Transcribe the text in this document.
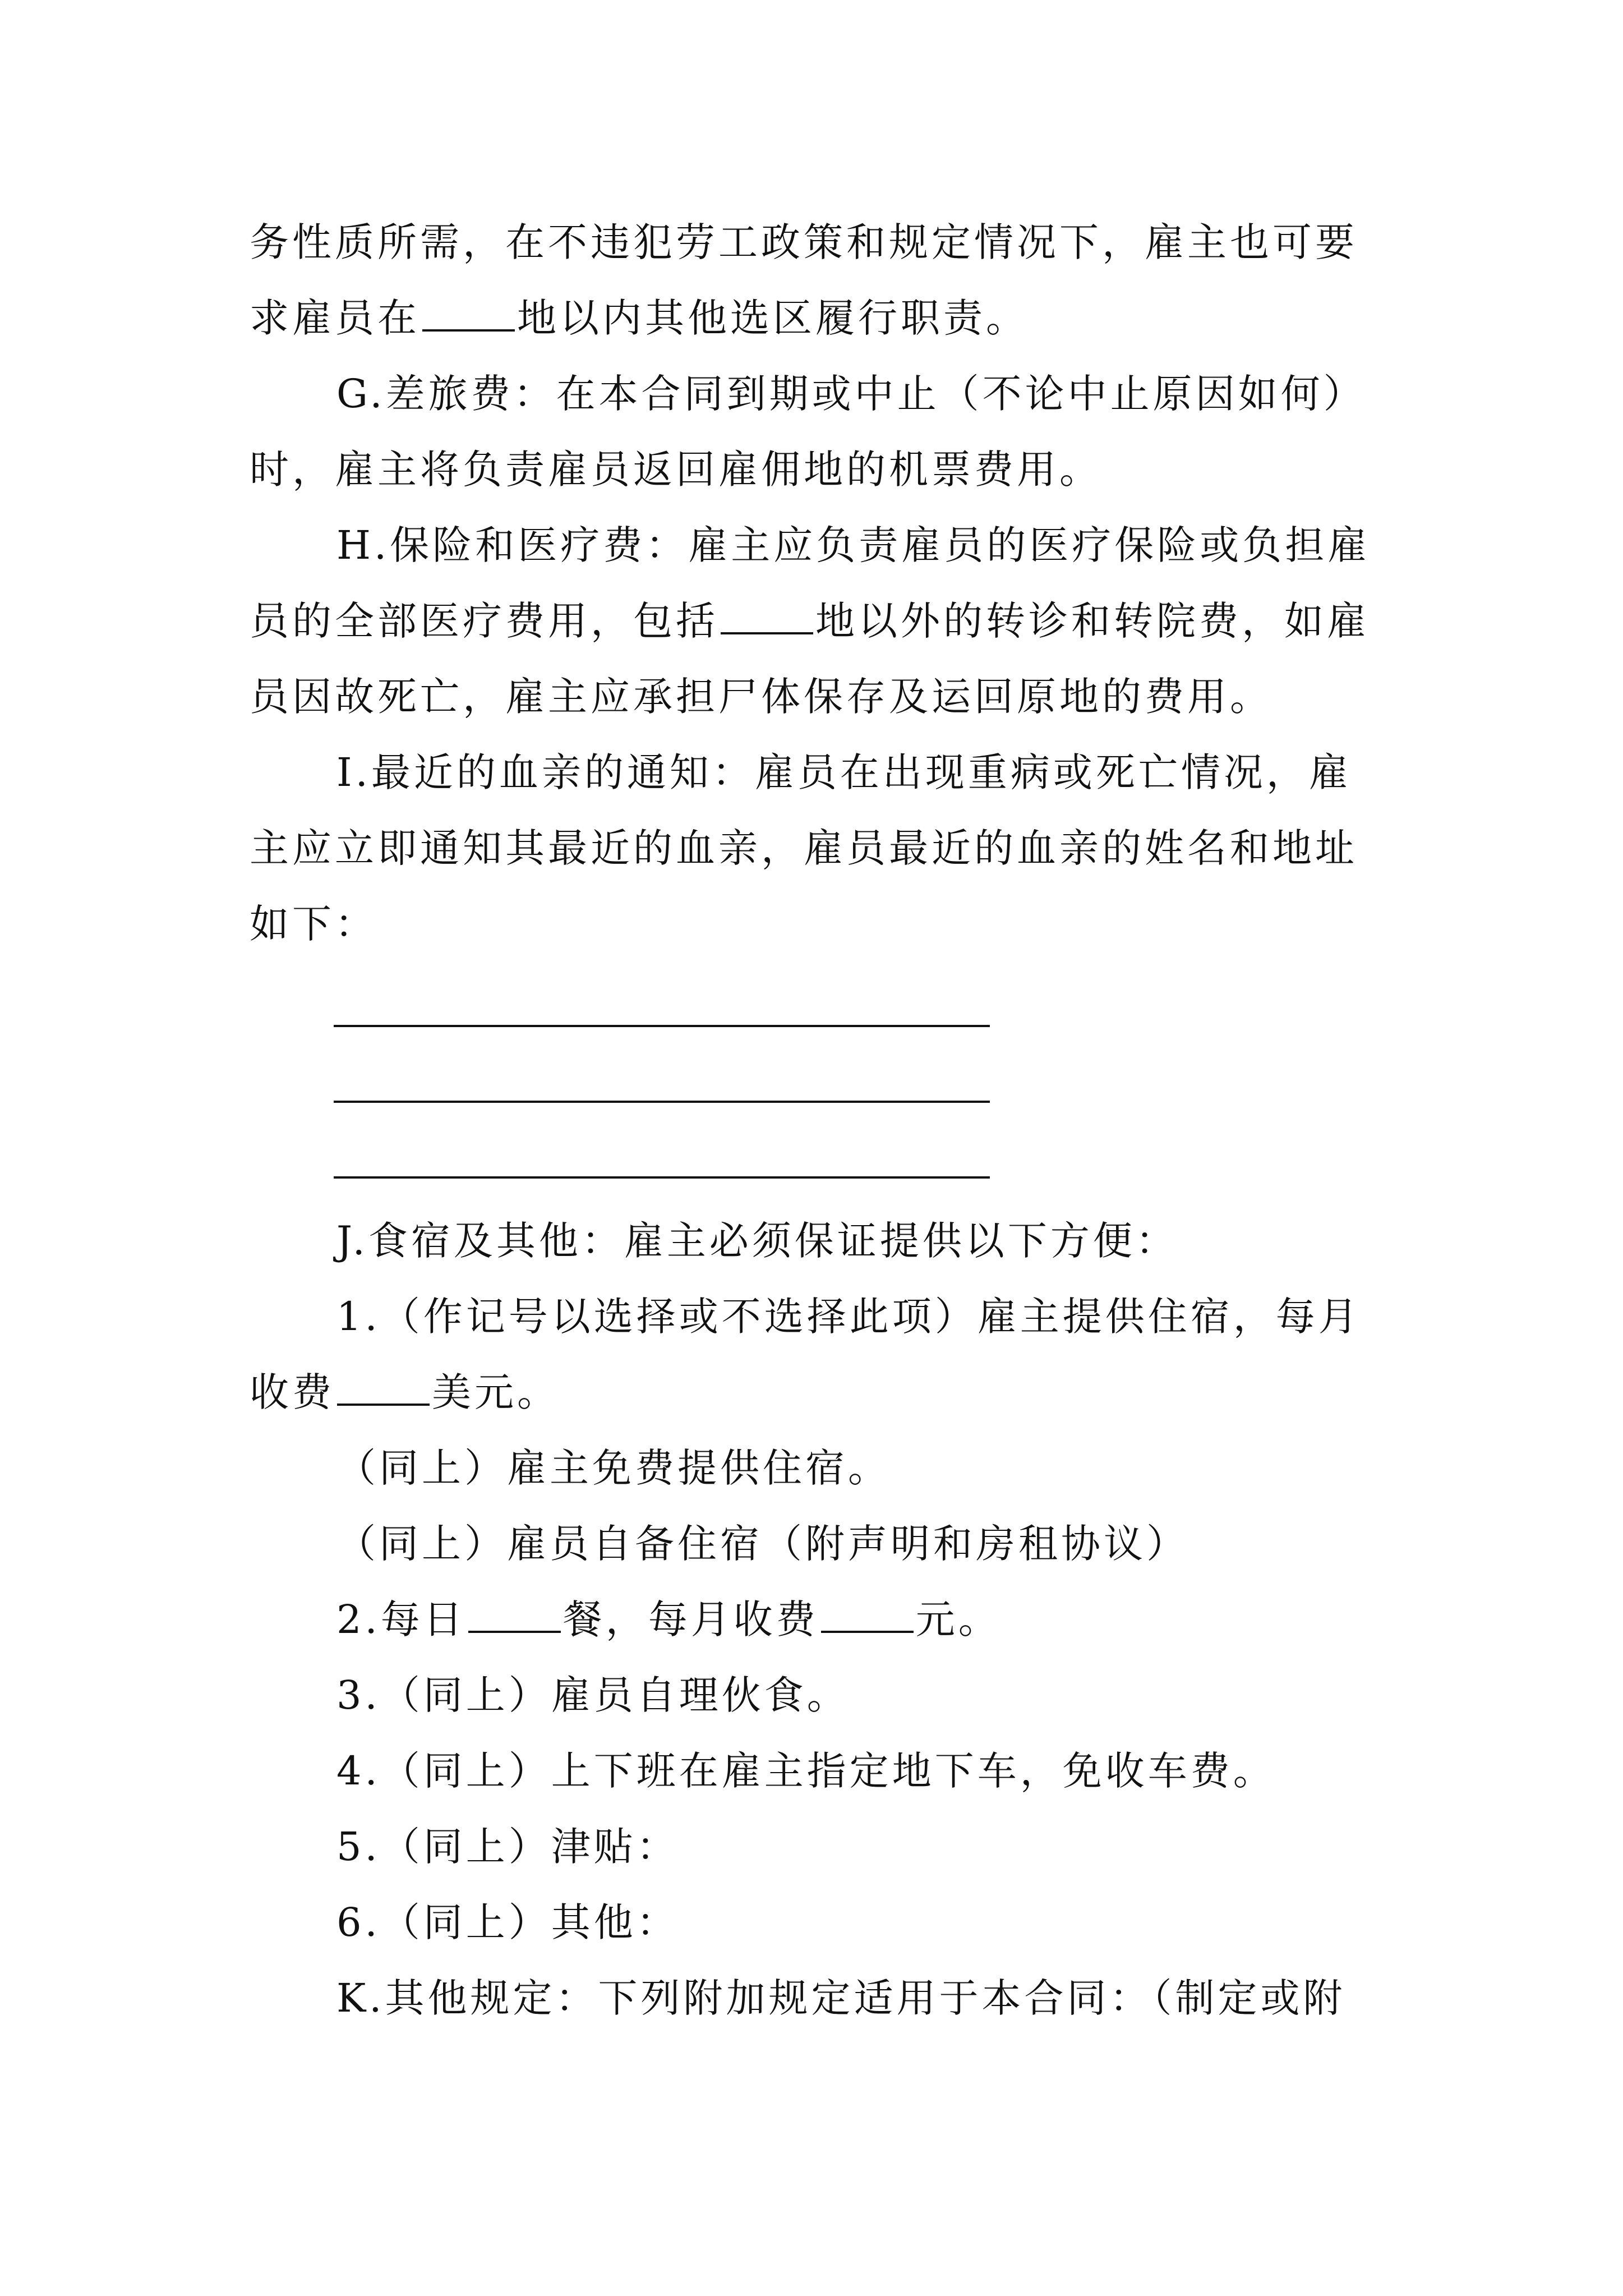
务性质所需，在不违犯劳工政策和规定情况下，雇主也可要
求雇员在 地以内其他选区履行职责。
G.差旅费：在本合同到期或中止（不论中止原因如何）
时，雇主将负责雇员返回雇佣地的机票费用。
H.保险和医疗费：雇主应负责雇员的医疗保险或负担雇
员的全部医疗费用，包括 地以外的转诊和转院费，如雇
员因故死亡，雇主应承担尸体保存及运回原地的费用。
I.最近的血亲的通知：雇员在出现重病或死亡情况，雇
主应立即通知其最近的血亲，雇员最近的血亲的姓名和地址
如下：
J.食宿及其他：雇主必须保证提供以下方便：
1.（作记号以选择或不选择此项）雇主提供住宿，每月
收费 美元。
（同上）雇主免费提供住宿。
（同上）雇员自备住宿（附声明和房租协议）
2.每日 餐，每月收费 元。
3.（同上）雇员自理伙食。
4.（同上）上下班在雇主指定地下车，免收车费。
5.（同上）津贴：
6.（同上）其他：
K.其他规定：下列附加规定适用于本合同：（制定或附
